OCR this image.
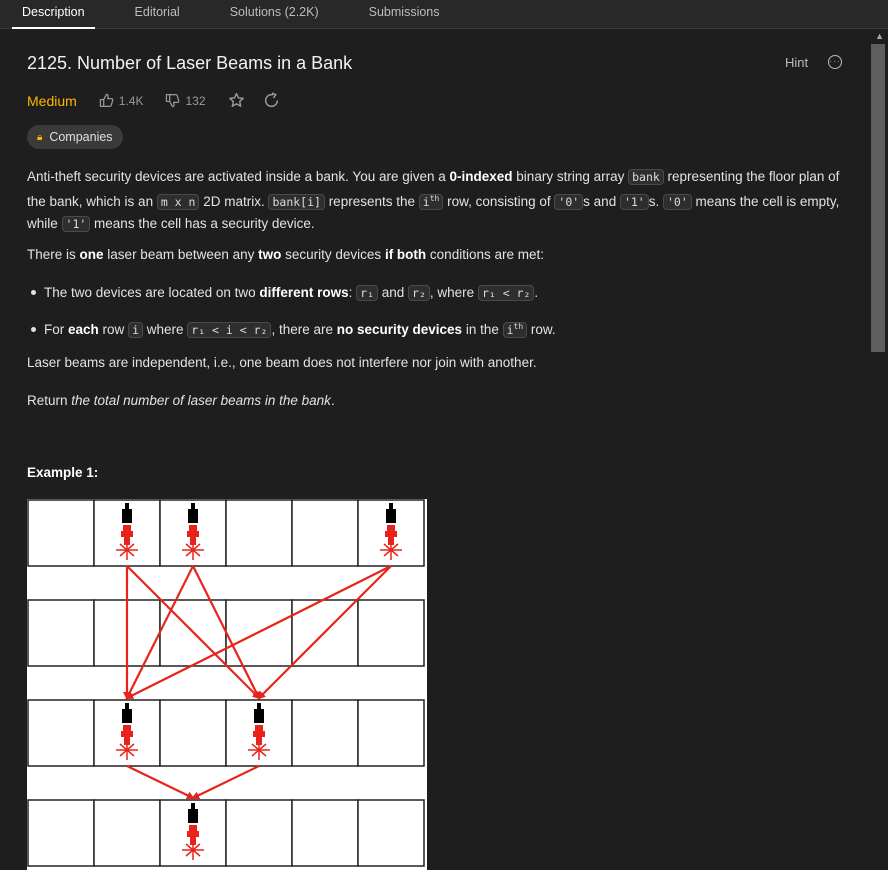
Description	Editorial	Solutions (2.2K)	Submissions
▲
2125. Number of Laser Beams in a Bank	Hint	···
Medium	1.4K	132
🔒︎ Companies

Anti-theft security devices are activated inside a bank. You are given a 0-indexed binary string array bank representing the floor plan of the bank, which is an m x n 2D matrix. bank[i] represents the $i^{th}$ row, consisting of '0' s and '1' s. '0' means the cell is empty, while '1' means the cell has a security device.

There is one laser beam between any two security devices if both conditions are met:

The two devices are located on two different rows: r₁ and r₂ , where r₁ < r₂ .
For each row i where r₁ < i < r₂ , there are no security devices in the $i^{th}$ row.

Laser beams are independent, i.e., one beam does not interfere nor join with another.

Return the total number of laser beams in the bank.

Example 1:
